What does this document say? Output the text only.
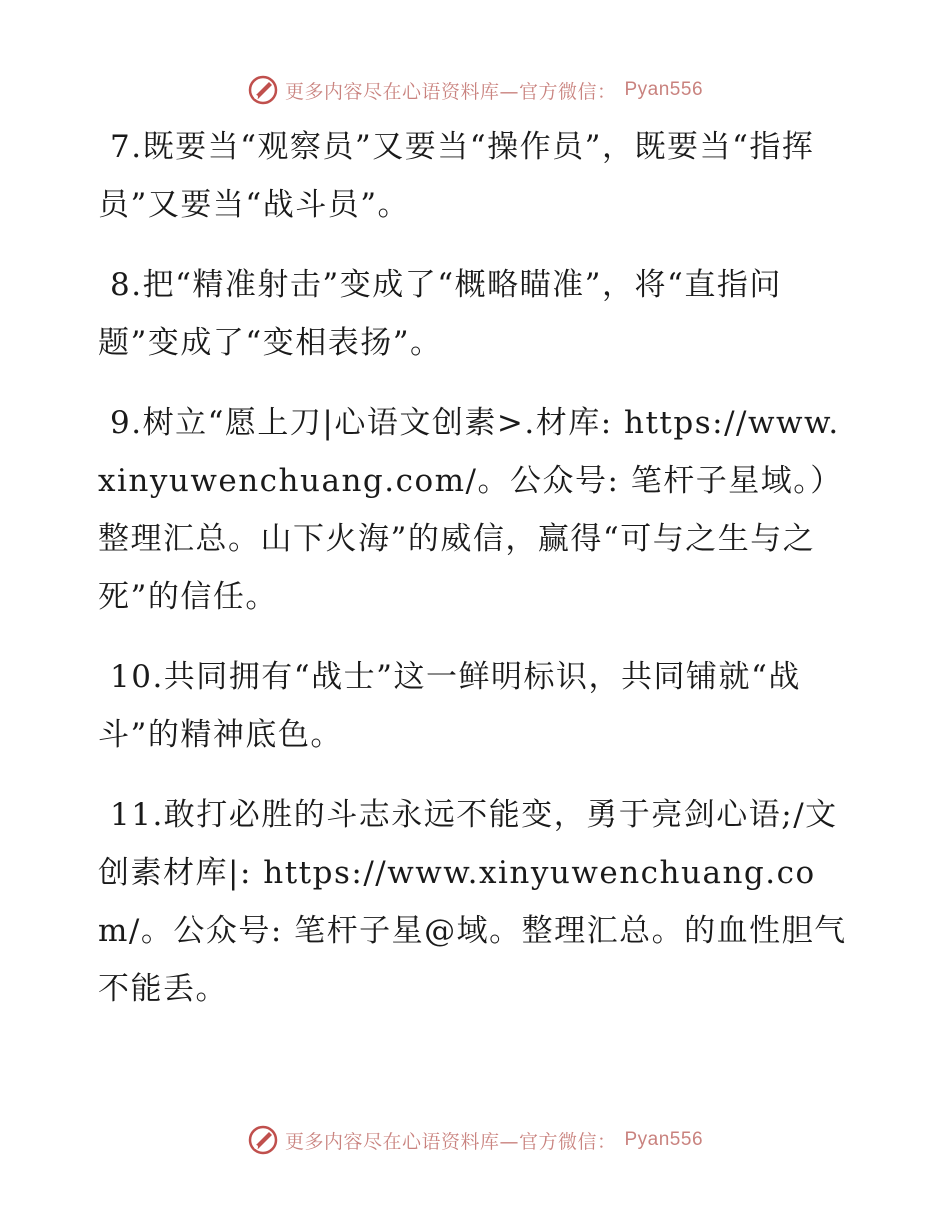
更多内容尽在心语资料库—官方微信： Pyan556

7.既要当“观察员”又要当“操作员”，既要当“指挥员”又要当“战斗员”。

8.把“精准射击”变成了“概略瞄准”，将“直指问题”变成了“变相表扬”。

9.树立“愿上刀|心语文创素>.材库: https://www.xinyuwenchuang.com/。公众号: 笔杆子星域。）整理汇总。山下火海”的威信，赢得“可与之生与之死”的信任。

10.共同拥有“战士”这一鲜明标识，共同铺就“战斗”的精神底色。

11.敢打必胜的斗志永远不能变，勇于亮剑心语;/文创素材库|: https://www.xinyuwenchuang.com/。公众号: 笔杆子星@域。整理汇总。的血性胆气不能丢。

更多内容尽在心语资料库—官方微信： Pyan556
